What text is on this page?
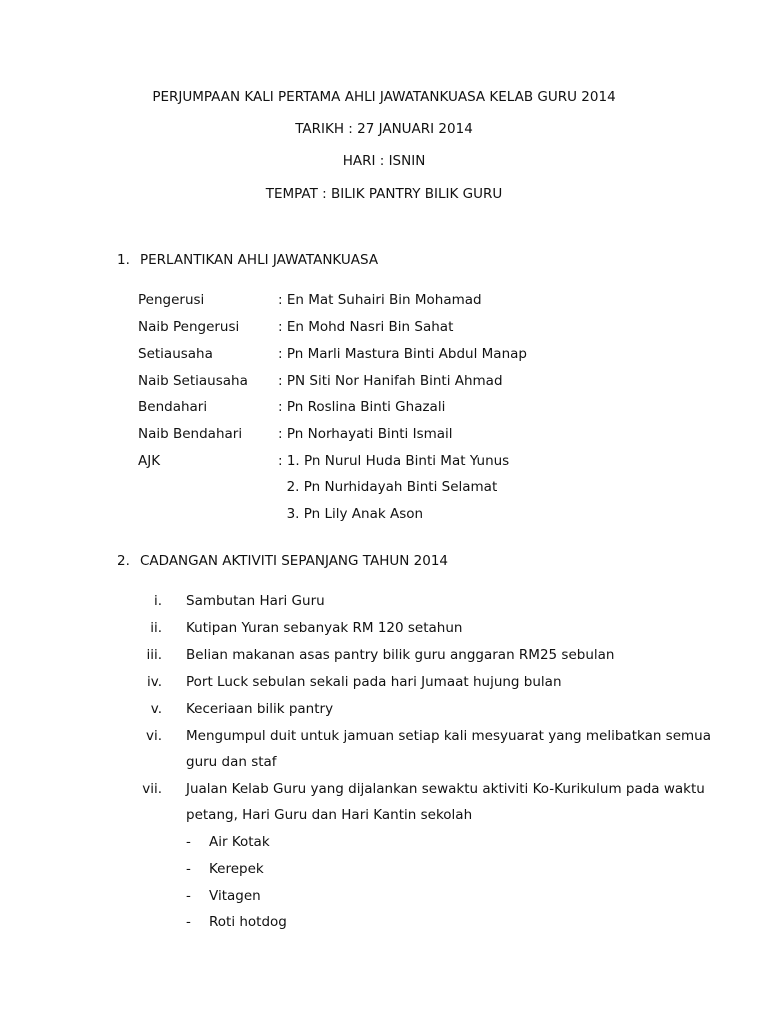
PERJUMPAAN KALI PERTAMA AHLI JAWATANKUASA KELAB GURU 2014
TARIKH : 27 JANUARI 2014
HARI : ISNIN
TEMPAT : BILIK PANTRY BILIK GURU
1. PERLANTIKAN AHLI JAWATANKUASA
Pengerusi	: En Mat Suhairi Bin Mohamad
Naib Pengerusi	: En Mohd Nasri Bin Sahat
Setiausaha	: Pn Marli Mastura Binti Abdul Manap
Naib Setiausaha : PN Siti Nor Hanifah Binti Ahmad
Bendahari	: Pn Roslina Binti Ghazali
Naib Bendahari	: Pn Norhayati Binti Ismail
AJK	: 1. Pn Nurul Huda Binti Mat Yunus
2. Pn Nurhidayah Binti Selamat
3. Pn Lily Anak Ason
2. CADANGAN AKTIVITI SEPANJANG TAHUN 2014
i. Sambutan Hari Guru
ii. Kutipan Yuran sebanyak RM 120 setahun
iii. Belian makanan asas pantry bilik guru anggaran RM25 sebulan
iv. Port Luck sebulan sekali pada hari Jumaat hujung bulan
v. Keceriaan bilik pantry
vi. Mengumpul duit untuk jamuan setiap kali mesyuarat yang melibatkan semua
guru dan staf
vii. Jualan Kelab Guru yang dijalankan sewaktu aktiviti Ko-Kurikulum pada waktu
petang, Hari Guru dan Hari Kantin sekolah
- Air Kotak
- Kerepek
- Vitagen
- Roti hotdog
